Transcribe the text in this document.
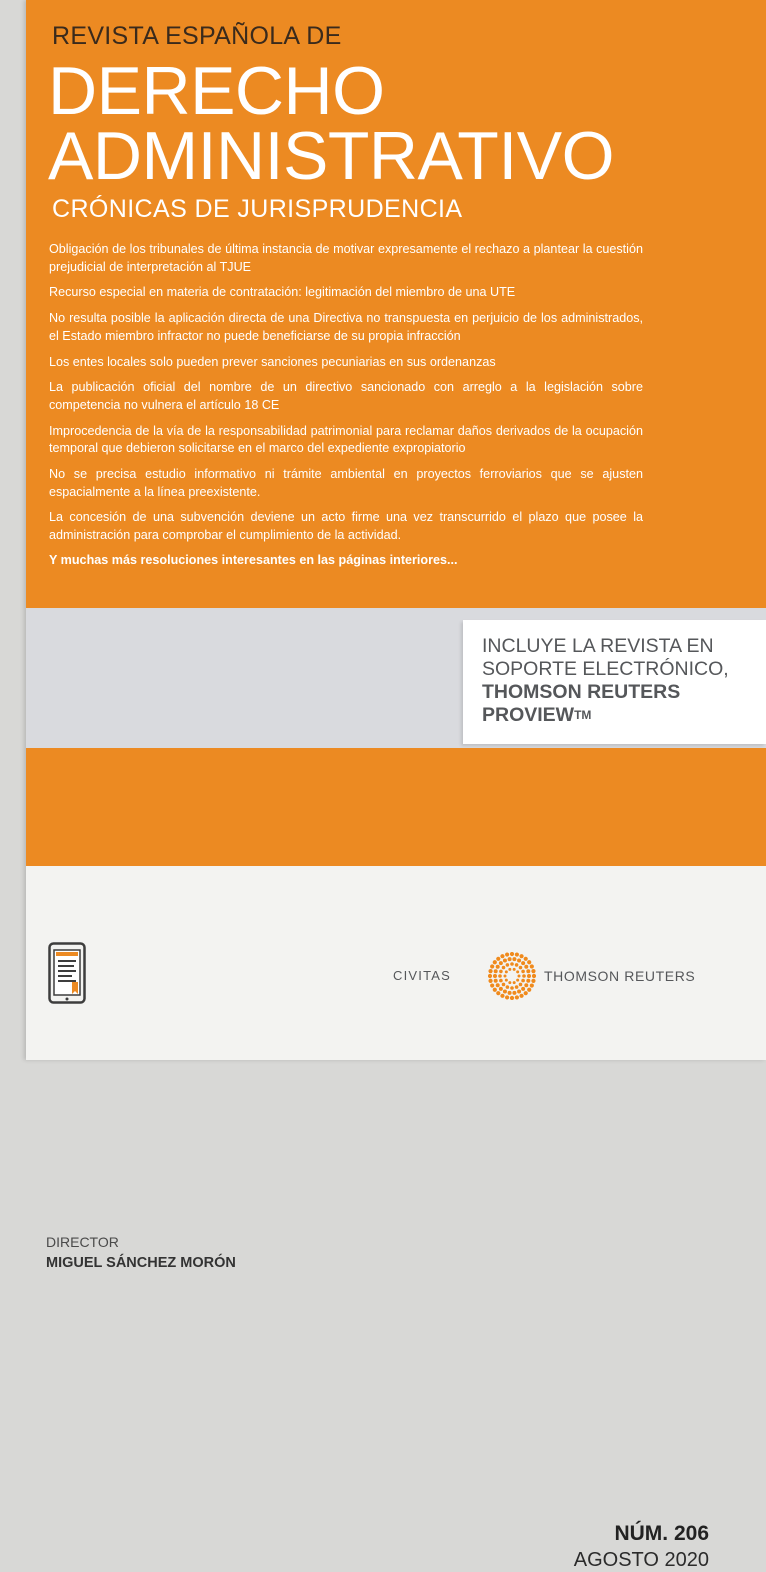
REVISTA ESPAÑOLA DE
DERECHO
ADMINISTRATIVO
CRÓNICAS DE JURISPRUDENCIA

Obligación de los tribunales de última instancia de motivar expresamente el rechazo a plantear la cuestión prejudicial de interpretación al TJUE

Recurso especial en materia de contratación: legitimación del miembro de una UTE

No resulta posible la aplicación directa de una Directiva no transpuesta en perjuicio de los administrados, el Estado miembro infractor no puede beneficiarse de su propia infracción

Los entes locales solo pueden prever sanciones pecuniarias en sus ordenanzas

La publicación oficial del nombre de un directivo sancionado con arreglo a la legislación sobre competencia no vulnera el artículo 18 CE

Improcedencia de la vía de la responsabilidad patrimonial para reclamar daños derivados de la ocupación temporal que debieron solicitarse en el marco del expediente expropiatorio

No se precisa estudio informativo ni trámite ambiental en proyectos ferroviarios que se ajusten espacialmente a la línea preexistente.

La concesión de una subvención deviene un acto firme una vez transcurrido el plazo que posee la administración para comprobar el cumplimiento de la actividad.

Y muchas más resoluciones interesantes en las páginas interiores...
DIRECTOR
MIGUEL SÁNCHEZ MORÓN
INCLUYE LA REVISTA EN
SOPORTE ELECTRÓNICO,
THOMSON REUTERS
PROVIEW™
NÚM. 206
AGOSTO 2020
CIVITAS	THOMSON REUTERS
